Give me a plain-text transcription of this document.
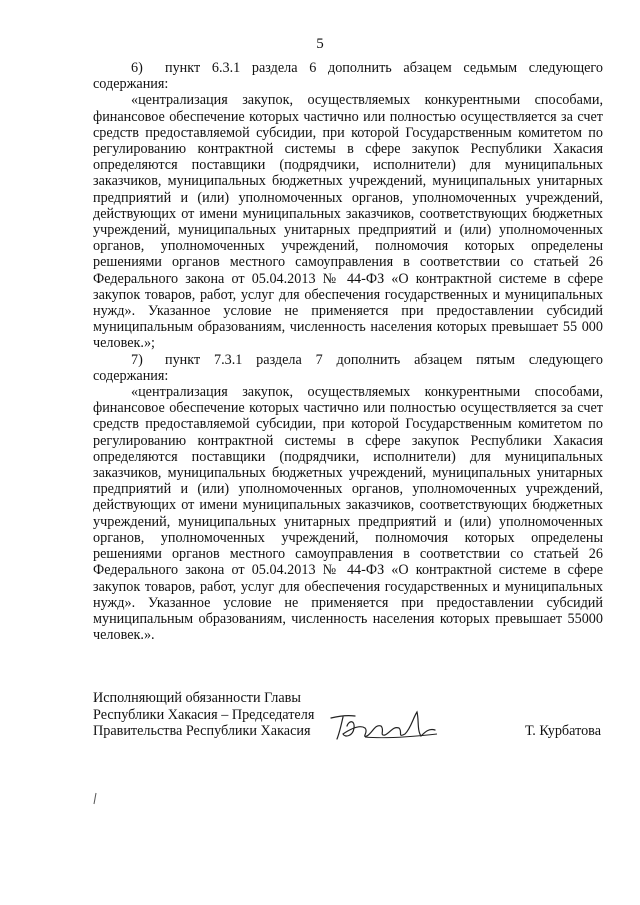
5

6) пункт 6.3.1 раздела 6 дополнить абзацем седьмым следующего содержания:

«централизация закупок, осуществляемых конкурентными способами, финансовое обеспечение которых частично или полностью осуществляется за счет средств предоставляемой субсидии, при которой Государственным комитетом по регулированию контрактной системы в сфере закупок Республики Хакасия определяются поставщики (подрядчики, исполнители) для муниципальных заказчиков, муниципальных бюджетных учреждений, муниципальных унитарных предприятий и (или) уполномоченных органов, уполномоченных учреждений, действующих от имени муниципальных заказчиков, соответствующих бюджетных учреждений, муниципальных унитарных предприятий и (или) уполномоченных органов, уполномоченных учреждений, полномочия которых определены решениями органов местного самоуправления в соответствии со статьей 26 Федерального закона от 05.04.2013 № 44-ФЗ «О контрактной системе в сфере закупок товаров, работ, услуг для обеспечения государственных и муниципальных нужд». Указанное условие не применяется при предоставлении субсидий муниципальным образованиям, численность населения которых превышает 55 000 человек.»;

7) пункт 7.3.1 раздела 7 дополнить абзацем пятым следующего содержания:

«централизация закупок, осуществляемых конкурентными способами, финансовое обеспечение которых частично или полностью осуществляется за счет средств предоставляемой субсидии, при которой Государственным комитетом по регулированию контрактной системы в сфере закупок Республики Хакасия определяются поставщики (подрядчики, исполнители) для муниципальных заказчиков, муниципальных бюджетных учреждений, муниципальных унитарных предприятий и (или) уполномоченных органов, уполномоченных учреждений, действующих от имени муниципальных заказчиков, соответствующих бюджетных учреждений, муниципальных унитарных предприятий и (или) уполномоченных органов, уполномоченных учреждений, полномочия которых определены решениями органов местного самоуправления в соответствии со статьей 26 Федерального закона от 05.04.2013 № 44-ФЗ «О контрактной системе в сфере закупок товаров, работ, услуг для обеспечения государственных и муниципальных нужд». Указанное условие не применяется при предоставлении субсидий муниципальным образованиям, численность населения которых превышает 55000 человек.».

Исполняющий обязанности Главы
Республики Хакасия – Председателя
Правительства Республики Хакасия	Т. Курбатова
